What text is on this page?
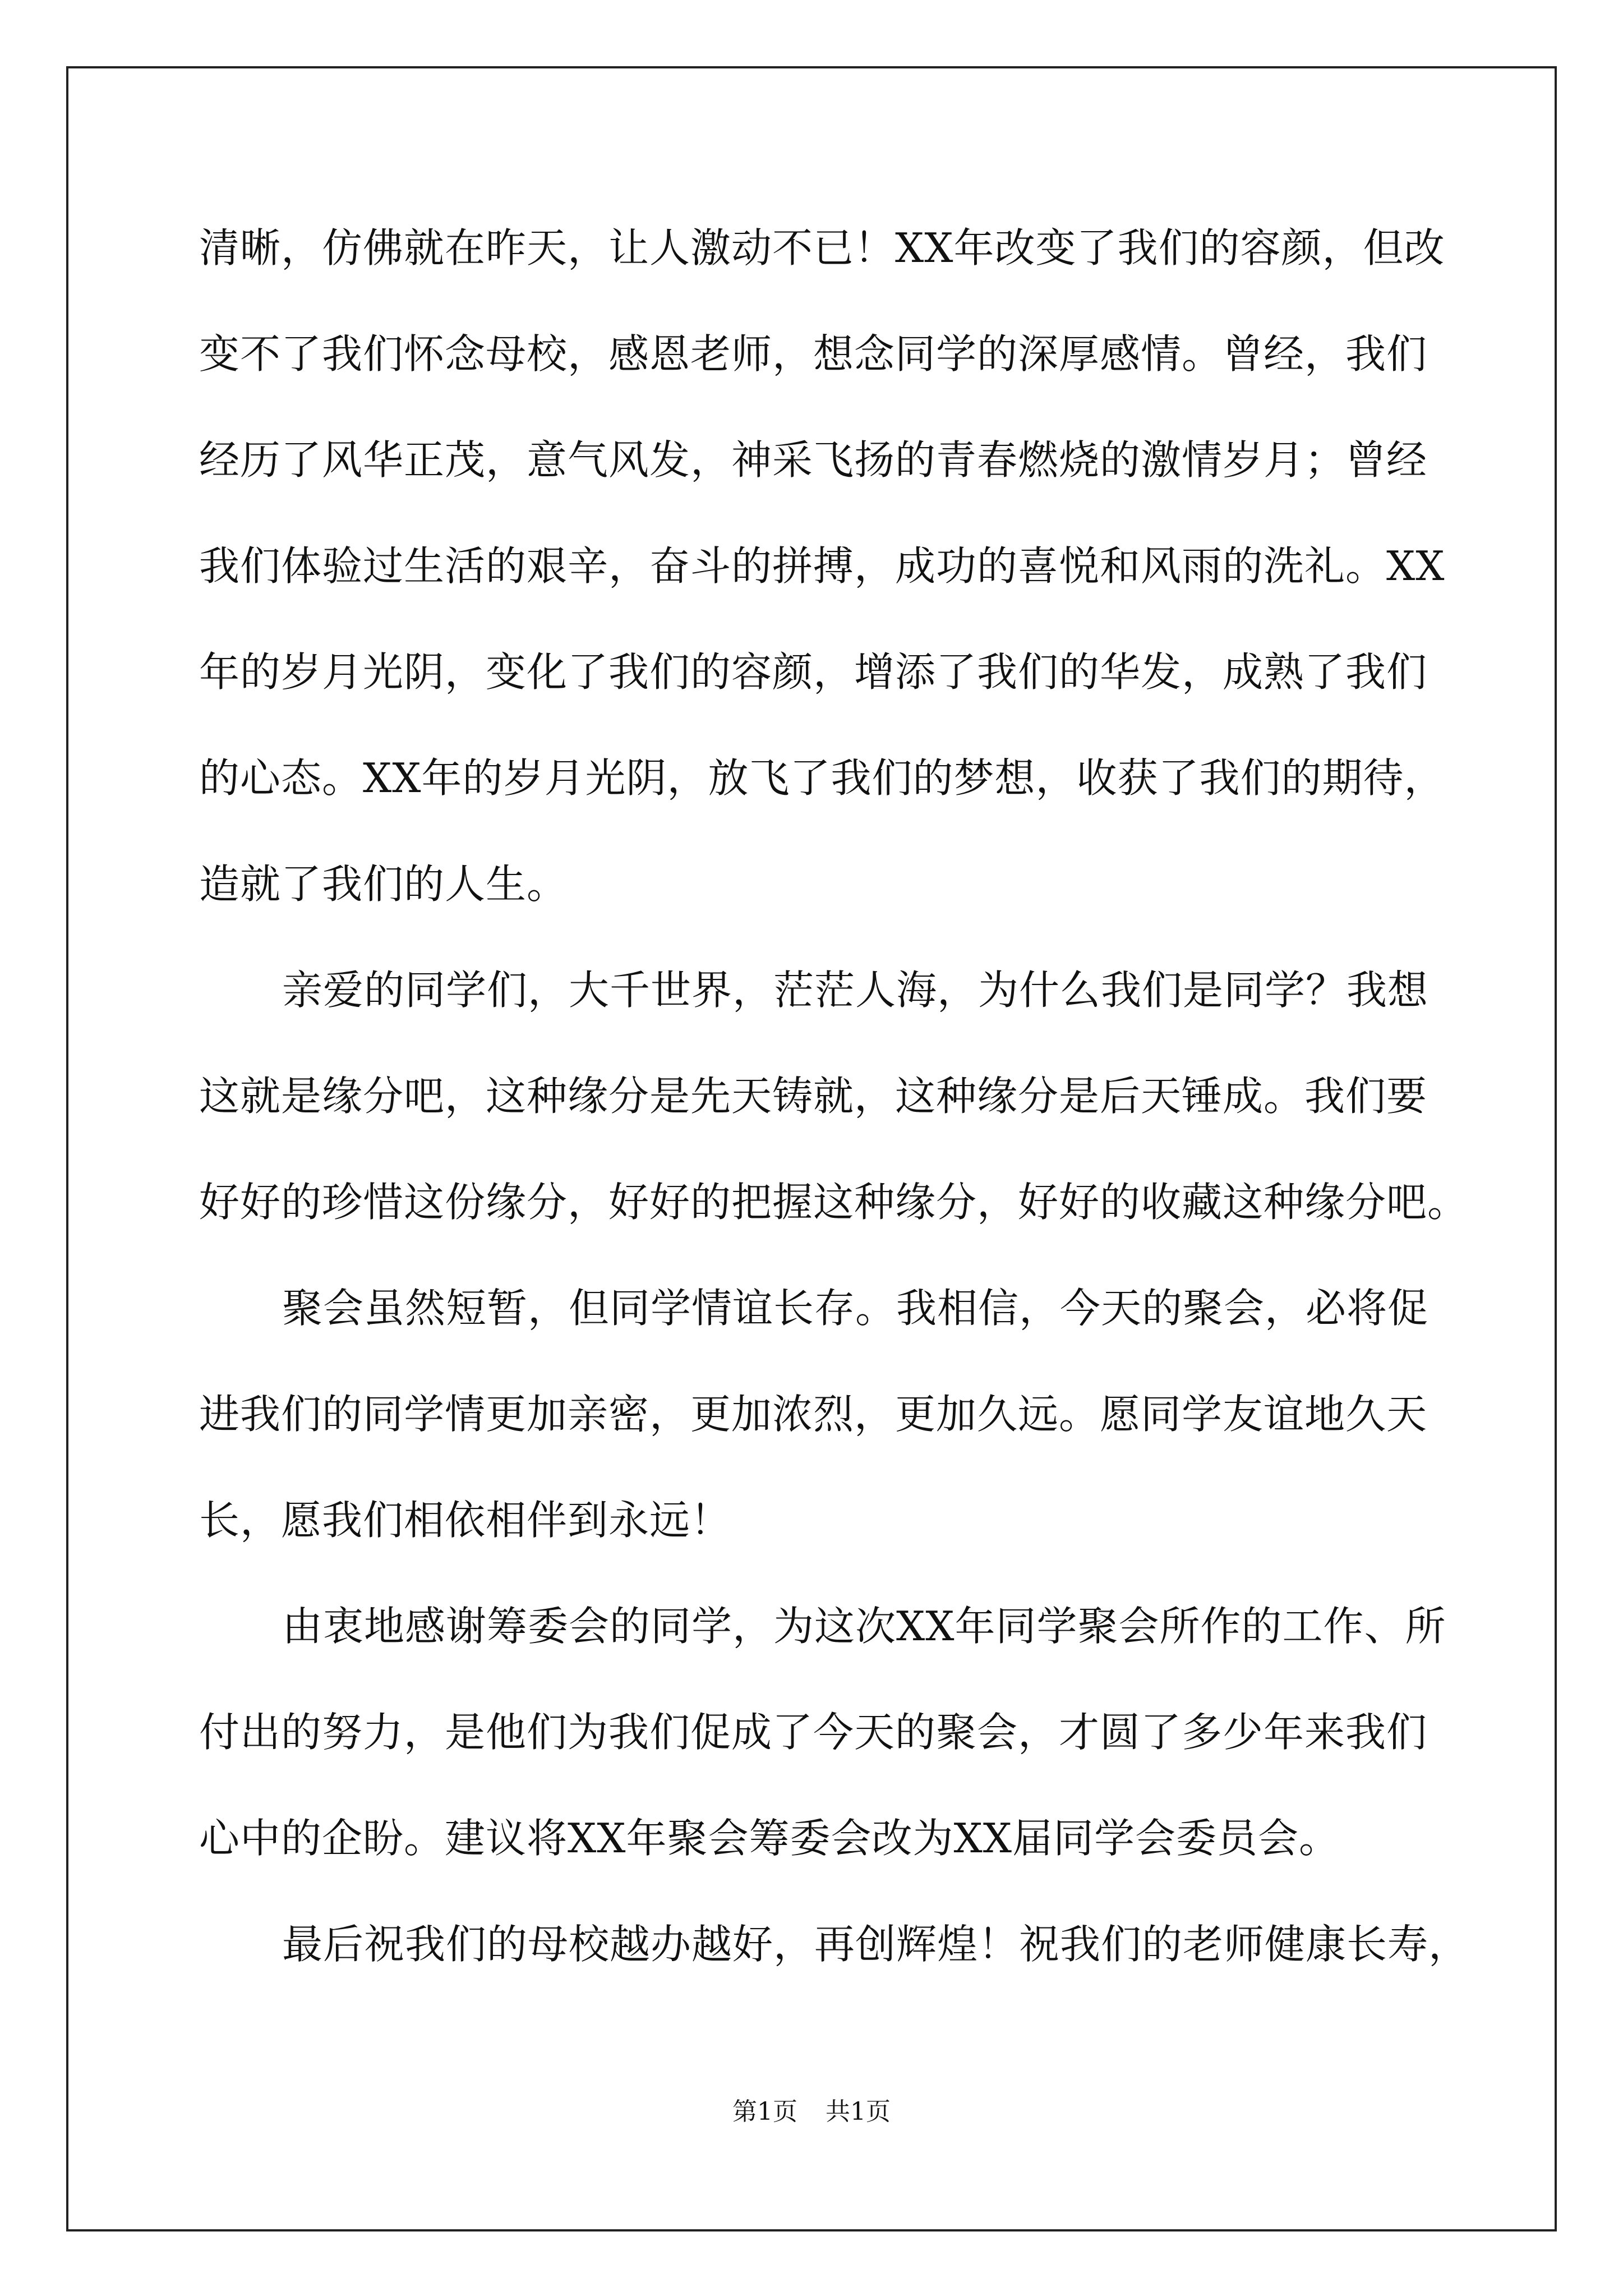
清晰，仿佛就在昨天，让人激动不已！XX年改变了我们的容颜，但改
变不了我们怀念母校，感恩老师，想念同学的深厚感情。曾经，我们
经历了风华正茂，意气风发，神采飞扬的青春燃烧的激情岁月；曾经
我们体验过生活的艰辛，奋斗的拼搏，成功的喜悦和风雨的洗礼。XX
年的岁月光阴，变化了我们的容颜，增添了我们的华发，成熟了我们
的心态。XX年的岁月光阴，放飞了我们的梦想，收获了我们的期待，
造就了我们的人生。
亲爱的同学们，大千世界，茫茫人海，为什么我们是同学？我想
这就是缘分吧，这种缘分是先天铸就，这种缘分是后天锤成。我们要
好好的珍惜这份缘分，好好的把握这种缘分，好好的收藏这种缘分吧。
聚会虽然短暂，但同学情谊长存。我相信，今天的聚会，必将促
进我们的同学情更加亲密，更加浓烈，更加久远。愿同学友谊地久天
长，愿我们相依相伴到永远！
由衷地感谢筹委会的同学，为这次XX年同学聚会所作的工作、所
付出的努力，是他们为我们促成了今天的聚会，才圆了多少年来我们
心中的企盼。建议将XX年聚会筹委会改为XX届同学会委员会。
最后祝我们的母校越办越好，再创辉煌！祝我们的老师健康长寿，
第1页 共1页
